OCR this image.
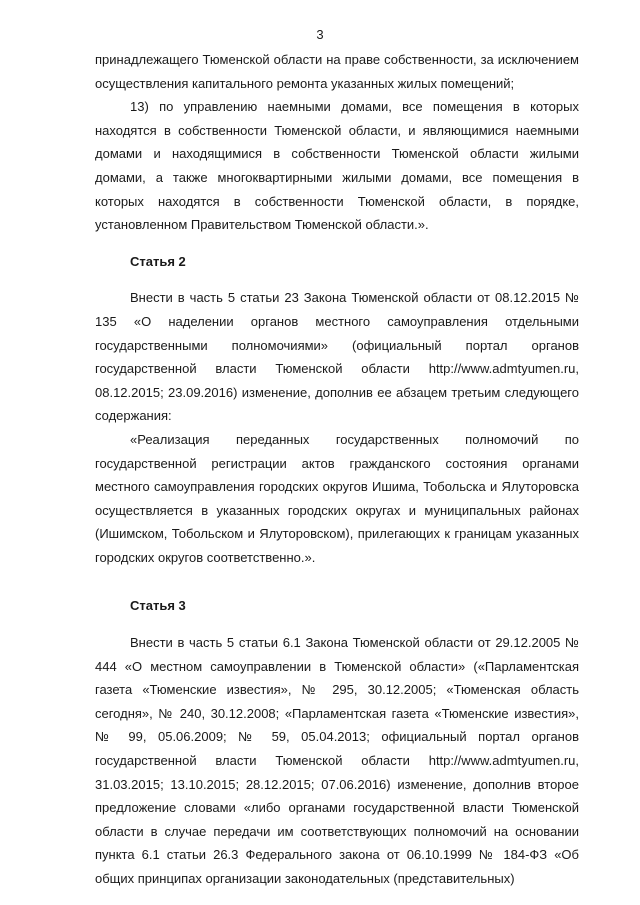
3

принадлежащего Тюменской области на праве собственности, за исключением осуществления капитального ремонта указанных жилых помещений;

13) по управлению наемными домами, все помещения в которых находятся в собственности Тюменской области, и являющимися наемными домами и находящимися в собственности Тюменской области жилыми домами, а также многоквартирными жилыми домами, все помещения в которых находятся в собственности Тюменской области, в порядке, установленном Правительством Тюменской области.».

Статья 2

Внести в часть 5 статьи 23 Закона Тюменской области от 08.12.2015 № 135 «О наделении органов местного самоуправления отдельными государственными полномочиями» (официальный портал органов государственной власти Тюменской области http://www.admtyumen.ru, 08.12.2015; 23.09.2016) изменение, дополнив ее абзацем третьим следующего содержания:

«Реализация переданных государственных полномочий по государственной регистрации актов гражданского состояния органами местного самоуправления городских округов Ишима, Тобольска и Ялуторовска осуществляется в указанных городских округах и муниципальных районах (Ишимском, Тобольском и Ялуторовском), прилегающих к границам указанных городских округов соответственно.».

Статья 3

Внести в часть 5 статьи 6.1 Закона Тюменской области от 29.12.2005 № 444 «О местном самоуправлении в Тюменской области» («Парламентская газета «Тюменские известия», № 295, 30.12.2005; «Тюменская область сегодня», № 240, 30.12.2008; «Парламентская газета «Тюменские известия», № 99, 05.06.2009; № 59, 05.04.2013; официальный портал органов государственной власти Тюменской области http://www.admtyumen.ru, 31.03.2015; 13.10.2015; 28.12.2015; 07.06.2016) изменение, дополнив второе предложение словами «либо органами государственной власти Тюменской области в случае передачи им соответствующих полномочий на основании пункта 6.1 статьи 26.3 Федерального закона от 06.10.1999 № 184-ФЗ «Об общих принципах организации законодательных (представительных)
